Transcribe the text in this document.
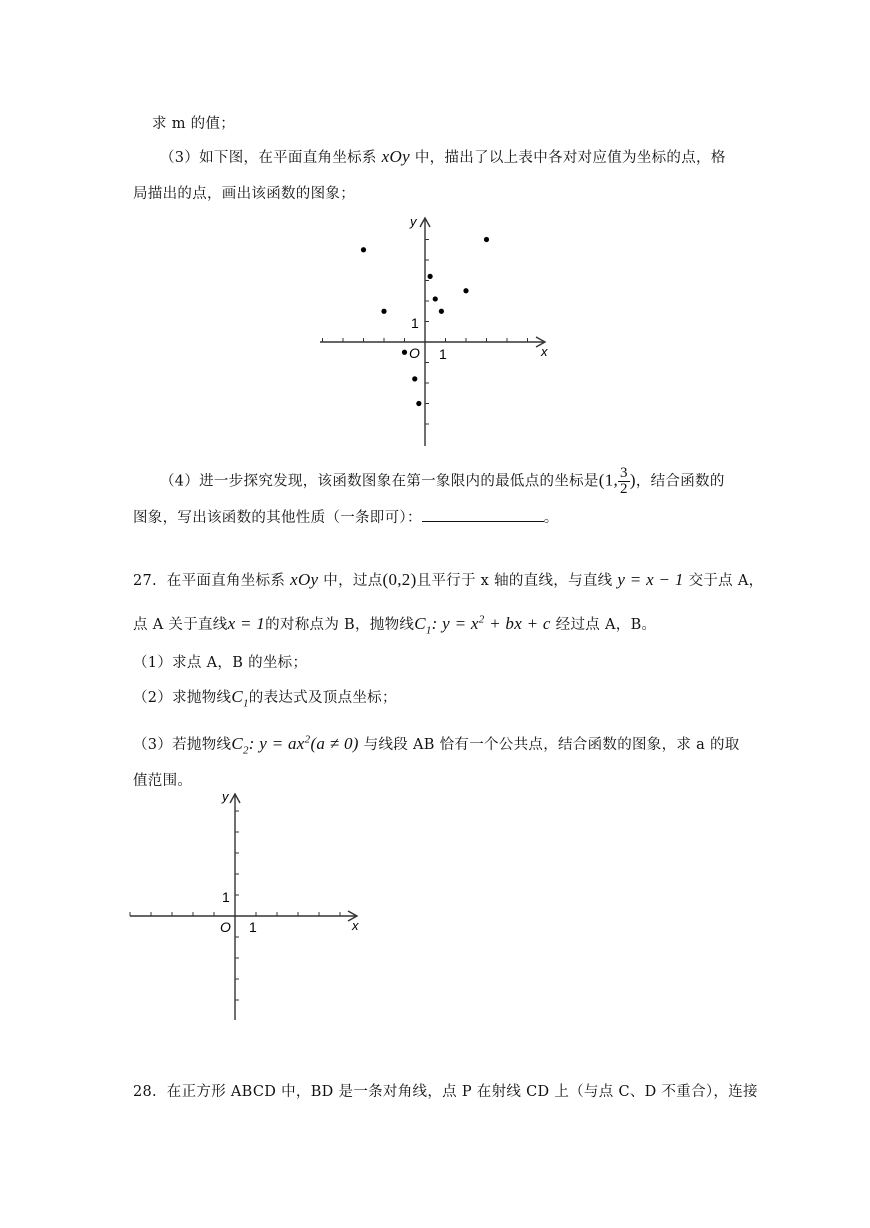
求 m 的值；
（3）如下图，在平面直角坐标系 xOy 中，描出了以上表中各对对应值为坐标的点，格
局描出的点，画出该函数的图象；
y
x
O 1
1
（4）进一步探究发现，该函数图象在第一象限内的最低点的坐标是(1, $\frac{3}{2}$ )，结合函数的
图象，写出该函数的其他性质（一条即可）：	。
27. 在平面直角坐标系 xOy 中，过点(0,2)且平行于 x 轴的直线，与直线 y = x − 1 交于点 A，
点 A 关于直线x = 1的对称点为 B，抛物线$C_1$: $y = x^2$ + bx + c 经过点 A，B。
（1）求点 A，B 的坐标；
（2）求抛物线$C_1$的表达式及顶点坐标；
（3）若抛物线$C_2$: $y = ax^2(a \ne 0)$ 与线段 AB 恰有一个公共点，结合函数的图象，求 a 的取
值范围。
y
x
O 1
1
28. 在正方形 ABCD 中，BD 是一条对角线，点 P 在射线 CD 上（与点 C、D 不重合），连接
